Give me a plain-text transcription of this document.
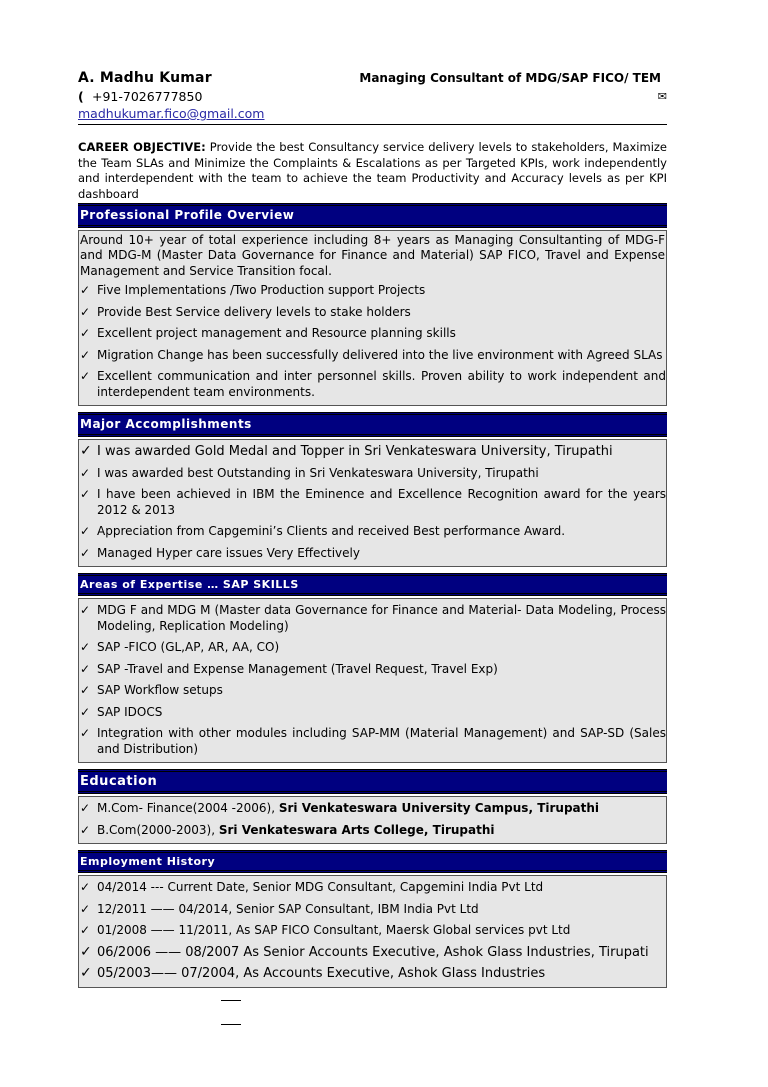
A. Madhu Kumar	Managing Consultant of MDG/SAP FICO/ TEM
( +91-7026777850	✉
madhukumar.fico@gmail.com
CAREER OBJECTIVE: Provide the best Consultancy service delivery levels to stakeholders, Maximize the Team SLAs and Minimize the Complaints & Escalations as per Targeted KPIs, work independently and interdependent with the team to achieve the team Productivity and Accuracy levels as per KPI dashboard
Professional Profile Overview

Around 10+ year of total experience including 8+ years as Managing Consultanting of MDG-F and MDG-M (Master Data Governance for Finance and Material) SAP FICO, Travel and Expense Management and Service Transition focal.

✓ Five Implementations /Two Production support Projects
✓ Provide Best Service delivery levels to stake holders
✓ Excellent project management and Resource planning skills
✓ Migration Change has been successfully delivered into the live environment with Agreed SLAs
✓ Excellent communication and inter personnel skills. Proven ability to work independent and interdependent team environments.
Major Accomplishments
✓ I was awarded Gold Medal and Topper in Sri Venkateswara University, Tirupathi
✓ I was awarded best Outstanding in Sri Venkateswara University, Tirupathi
✓ I have been achieved in IBM the Eminence and Excellence Recognition award for the years 2012 & 2013
✓ Appreciation from Capgemini’s Clients and received Best performance Award.
✓ Managed Hyper care issues Very Effectively
Areas of Expertise … SAP SKILLS
✓ MDG F and MDG M (Master data Governance for Finance and Material- Data Modeling, Process Modeling, Replication Modeling)
✓ SAP -FICO (GL,AP, AR, AA, CO)
✓ SAP -Travel and Expense Management (Travel Request, Travel Exp)
✓ SAP Workflow setups
✓ SAP IDOCS
✓ Integration with other modules including SAP-MM (Material Management) and SAP-SD (Sales and Distribution)
Education
✓ M.Com- Finance(2004 -2006), Sri Venkateswara University Campus, Tirupathi
✓ B.Com(2000-2003), Sri Venkateswara Arts College, Tirupathi
Employment History
✓ 04/2014 --- Current Date, Senior MDG Consultant, Capgemini India Pvt Ltd
✓ 12/2011 —— 04/2014, Senior SAP Consultant, IBM India Pvt Ltd
✓ 01/2008 —— 11/2011, As SAP FICO Consultant, Maersk Global services pvt Ltd
✓ 06/2006 —— 08/2007 As Senior Accounts Executive, Ashok Glass Industries, Tirupati
✓ 05/2003—— 07/2004, As Accounts Executive, Ashok Glass Industries
